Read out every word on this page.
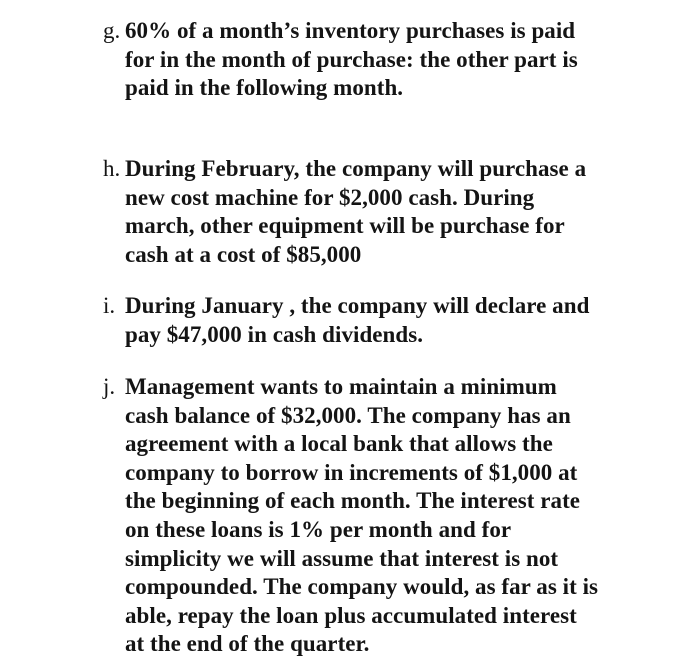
g. 60% of a month’s inventory purchases is paid
for in the month of purchase: the other part is
paid in the following month.
h. During February, the company will purchase a
new cost machine for $2,000 cash. During
march, other equipment will be purchase for
cash at a cost of $85,000
i. During January , the company will declare and
pay $47,000 in cash dividends.
j. Management wants to maintain a minimum
cash balance of $32,000. The company has an
agreement with a local bank that allows the
company to borrow in increments of $1,000 at
the beginning of each month. The interest rate
on these loans is 1% per month and for
simplicity we will assume that interest is not
compounded. The company would, as far as it is
able, repay the loan plus accumulated interest
at the end of the quarter.
